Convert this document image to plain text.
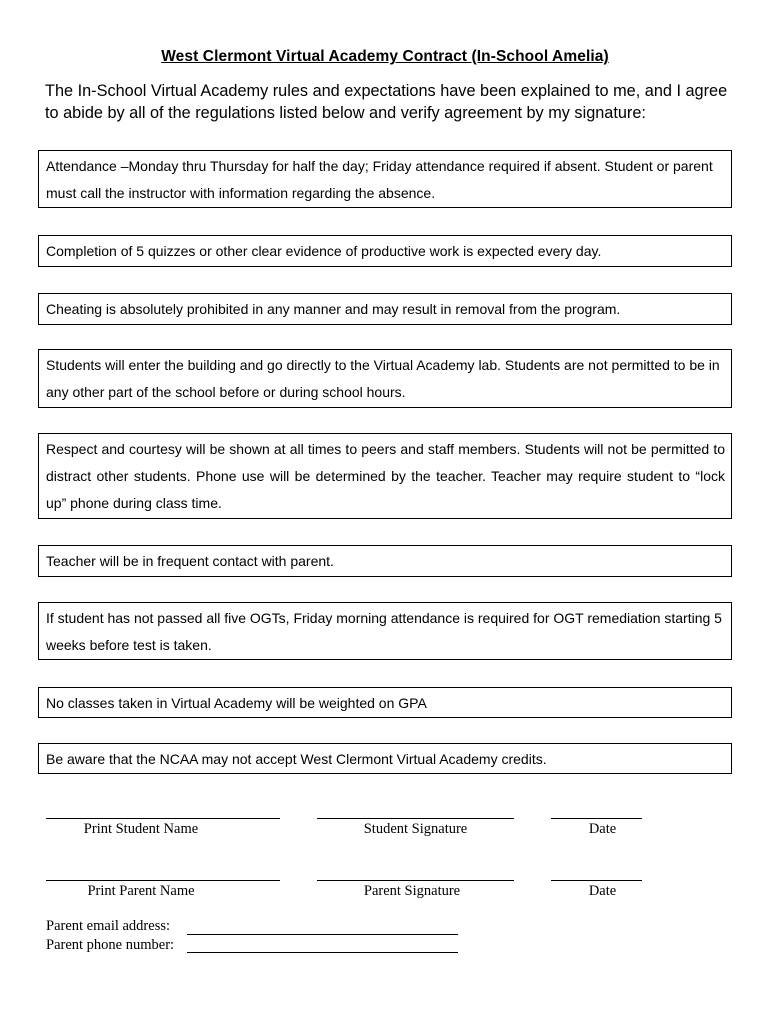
West Clermont Virtual Academy Contract (In-School Amelia)
The In-School Virtual Academy rules and expectations have been explained to me, and I agree to abide by all of the regulations listed below and verify agreement by my signature:
Attendance –Monday thru Thursday for half the day; Friday attendance required if absent. Student or parent must call the instructor with information regarding the absence.
Completion of 5 quizzes or other clear evidence of productive work is expected every day.
Cheating is absolutely prohibited in any manner and may result in removal from the program.
Students will enter the building and go directly to the Virtual Academy lab. Students are not permitted to be in any other part of the school before or during school hours.
Respect and courtesy will be shown at all times to peers and staff members. Students will not be permitted to distract other students. Phone use will be determined by the teacher. Teacher may require student to “lock up” phone during class time.
Teacher will be in frequent contact with parent.
If student has not passed all five OGTs, Friday morning attendance is required for OGT remediation starting 5 weeks before test is taken.
No classes taken in Virtual Academy will be weighted on GPA
Be aware that the NCAA may not accept West Clermont Virtual Academy credits.
Print Student Name	Student Signature	Date
Print Parent Name	Parent Signature	Date
Parent email address:
Parent phone number:
